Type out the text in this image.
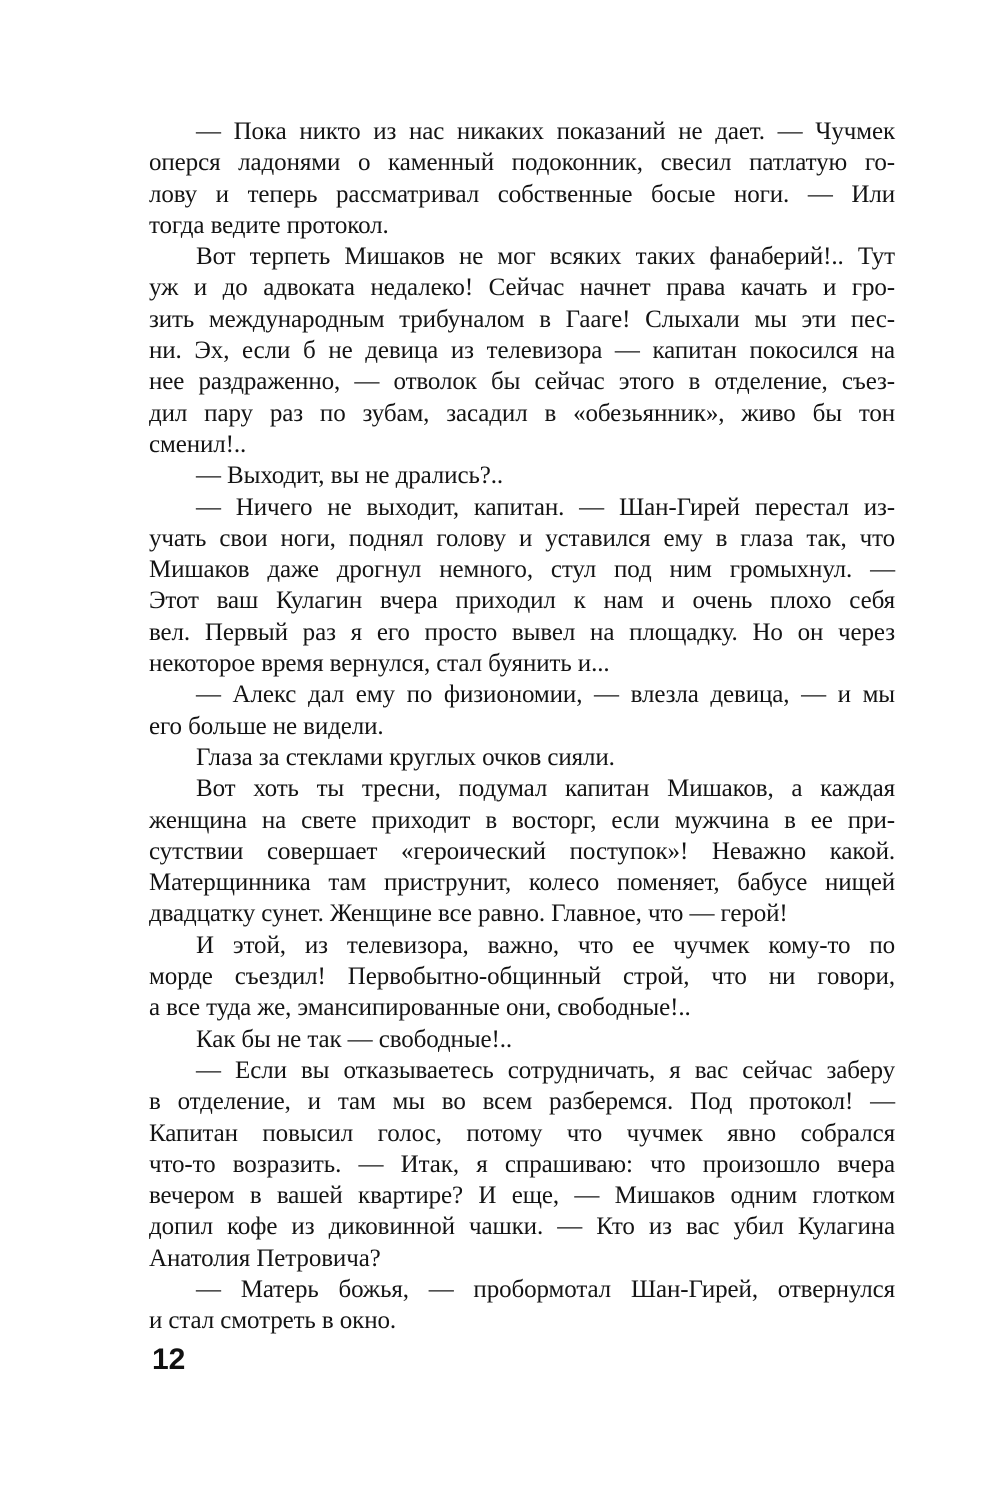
— Пока никто из нас никаких показаний не дает. — Чучмек
оперся ладонями о каменный подоконник, свесил патлатую го-
лову и теперь рассматривал собственные босые ноги. — Или
тогда ведите протокол.
Вот терпеть Мишаков не мог всяких таких фанаберий!.. Тут
уж и до адвоката недалеко! Сейчас начнет права качать и гро-
зить международным трибуналом в Гааге! Слыхали мы эти пес-
ни. Эх, если б не девица из телевизора — капитан покосился на
нее раздраженно, — отволок бы сейчас этого в отделение, съез-
дил пару раз по зубам, засадил в «обезьянник», живо бы тон
сменил!..
— Выходит, вы не дрались?..
— Ничего не выходит, капитан. — Шан-Гирей перестал из-
учать свои ноги, поднял голову и уставился ему в глаза так, что
Мишаков даже дрогнул немного, стул под ним громыхнул. —
Этот ваш Кулагин вчера приходил к нам и очень плохо себя
вел. Первый раз я его просто вывел на площадку. Но он через
некоторое время вернулся, стал буянить и...
— Алекс дал ему по физиономии, — влезла девица, — и мы
его больше не видели.
Глаза за стеклами круглых очков сияли.
Вот хоть ты тресни, подумал капитан Мишаков, а каждая
женщина на свете приходит в восторг, если мужчина в ее при-
сутствии совершает «героический поступок»! Неважно какой.
Матерщинника там приструнит, колесо поменяет, бабусе нищей
двадцатку сунет. Женщине все равно. Главное, что — герой!
И этой, из телевизора, важно, что ее чучмек кому-то по
морде съездил! Первобытно-общинный строй, что ни говори,
а все туда же, эмансипированные они, свободные!..
Как бы не так — свободные!..
— Если вы отказываетесь сотрудничать, я вас сейчас заберу
в отделение, и там мы во всем разберемся. Под протокол! —
Капитан повысил голос, потому что чучмек явно собрался
что-то возразить. — Итак, я спрашиваю: что произошло вчера
вечером в вашей квартире? И еще, — Мишаков одним глотком
допил кофе из диковинной чашки. — Кто из вас убил Кулагина
Анатолия Петровича?
— Матерь божья, — пробормотал Шан-Гирей, отвернулся
и стал смотреть в окно.
12
